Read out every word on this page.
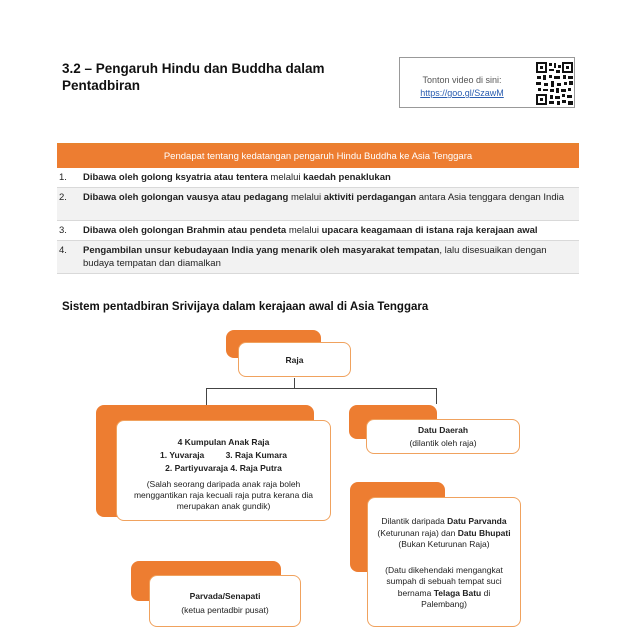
3.2 – Pengaruh Hindu dan Buddha dalam Pentadbiran	Tonton video di sini:
https://goo.gl/SzawM
Pendapat tentang kedatangan pengaruh Hindu Buddha ke Asia Tenggara
1.	Dibawa oleh golong ksyatria atau tentera melalui kaedah penaklukan
2.	Dibawa oleh golongan vausya atau pedagang melalui aktiviti perdagangan antara Asia tenggara dengan India
3.	Dibawa oleh golongan Brahmin atau pendeta melalui upacara keagamaan di istana raja kerajaan awal
4.	Pengambilan unsur kebudayaan India yang menarik oleh masyarakat tempatan, lalu disesuaikan dengan budaya tempatan dan diamalkan
Sistem pentadbiran Srivijaya dalam kerajaan awal di Asia Tenggara
Raja
4 Kumpulan Anak Raja
1. Yuvaraja	3. Raja Kumara
2. Partiyuvaraja 4. Raja Putra
(Salah seorang daripada anak raja boleh menggantikan raja kecuali raja putra kerana dia merupakan anak gundik)
Datu Daerah
(dilantik oleh raja)
Dilantik daripada Datu Parvanda (Keturunan raja) dan Datu Bhupati (Bukan Keturunan Raja)
(Datu dikehendaki mengangkat sumpah di sebuah tempat suci bernama Telaga Batu di Palembang)
Parvada/Senapati
(ketua pentadbir pusat)
